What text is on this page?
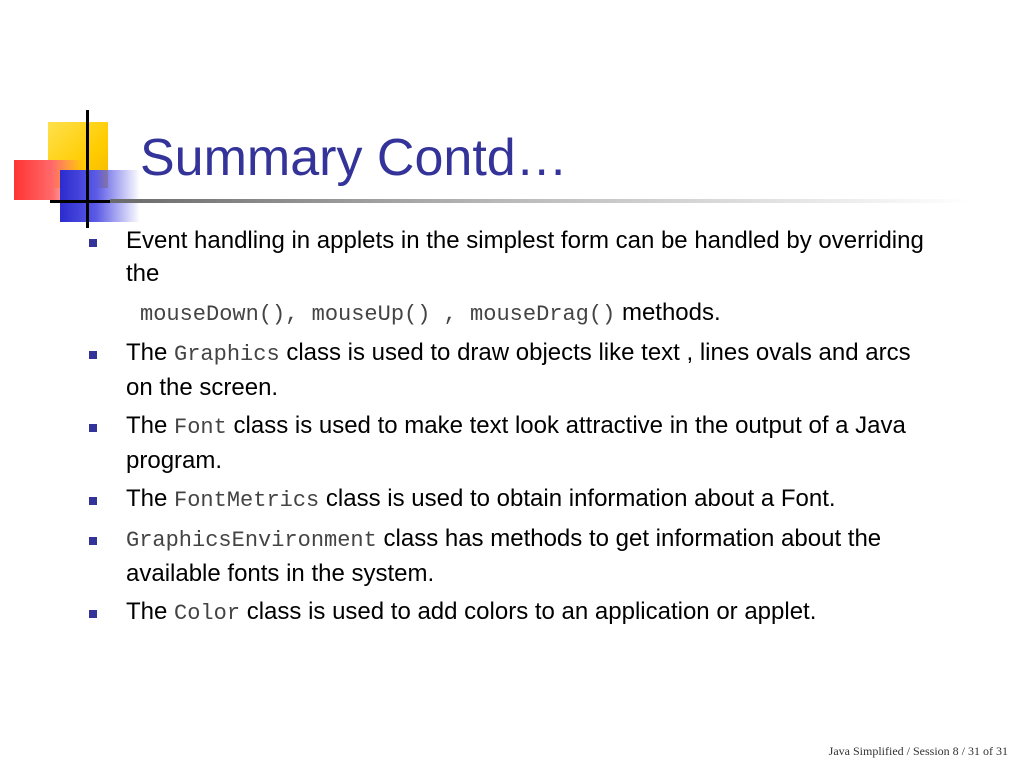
Summary Contd…
Event handling in applets in the simplest form can be handled by overriding the
mouseDown(), mouseUp() , mouseDrag() methods.
The Graphics class is used to draw objects like text , lines ovals and arcs on the screen.
The Font class is used to make text look attractive in the output of a Java program.
The FontMetrics class is used to obtain information about a Font.
GraphicsEnvironment class has methods to get information about the available fonts in the system.
The Color class is used to add colors to an application or applet.
Java Simplified / Session 8 / 31 of 31
